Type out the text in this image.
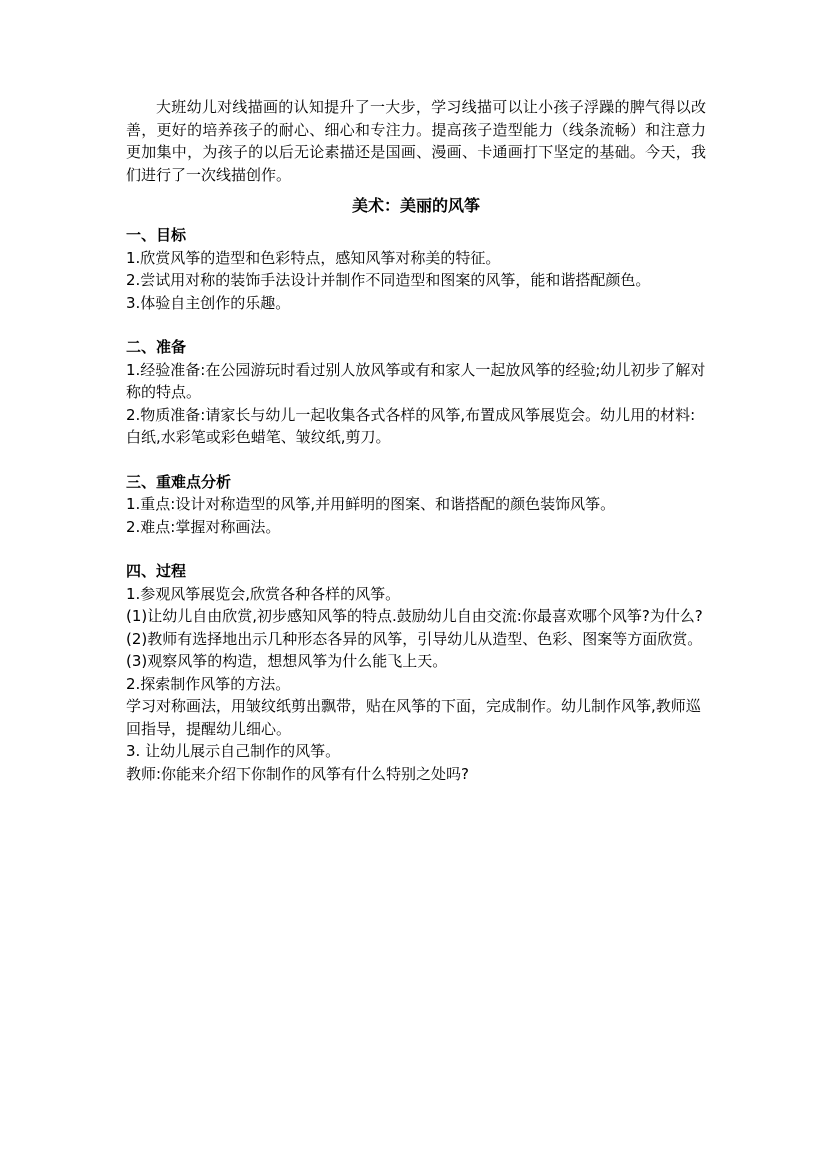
大班幼儿对线描画的认知提升了一大步，学习线描可以让小孩子浮躁的脾气得以改善，更好的培养孩子的耐心、细心和专注力。提高孩子造型能力（线条流畅）和注意力更加集中，为孩子的以后无论素描还是国画、漫画、卡通画打下坚定的基础。今天，我们进行了一次线描创作。

美术：美丽的风筝
一、目标

1.欣赏风筝的造型和色彩特点，感知风筝对称美的特征。

2.尝试用对称的装饰手法设计并制作不同造型和图案的风筝，能和谐搭配颜色。

3.体验自主创作的乐趣。

二、准备

1.经验准备:在公园游玩时看过别人放风筝或有和家人一起放风筝的经验;幼儿初步了解对称的特点。

2.物质准备:请家长与幼儿一起收集各式各样的风筝,布置成风筝展览会。幼儿用的材料:白纸,水彩笔或彩色蜡笔、皱纹纸,剪刀。

三、重难点分析

1.重点:设计对称造型的风筝,并用鲜明的图案、和谐搭配的颜色装饰风筝。

2.难点:掌握对称画法。

四、过程

1.参观风筝展览会,欣赏各种各样的风筝。

(1)让幼儿自由欣赏,初步感知风筝的特点.鼓励幼儿自由交流:你最喜欢哪个风筝?为什么?

(2)教师有选择地出示几种形态各异的风筝，引导幼儿从造型、色彩、图案等方面欣赏。

(3)观察风筝的构造，想想风筝为什么能飞上天。

2.探索制作风筝的方法。

学习对称画法，用皱纹纸剪出飘带，贴在风筝的下面，完成制作。幼儿制作风筝,教师巡回指导，提醒幼儿细心。

3. 让幼儿展示自己制作的风筝。

教师:你能来介绍下你制作的风筝有什么特别之处吗?
